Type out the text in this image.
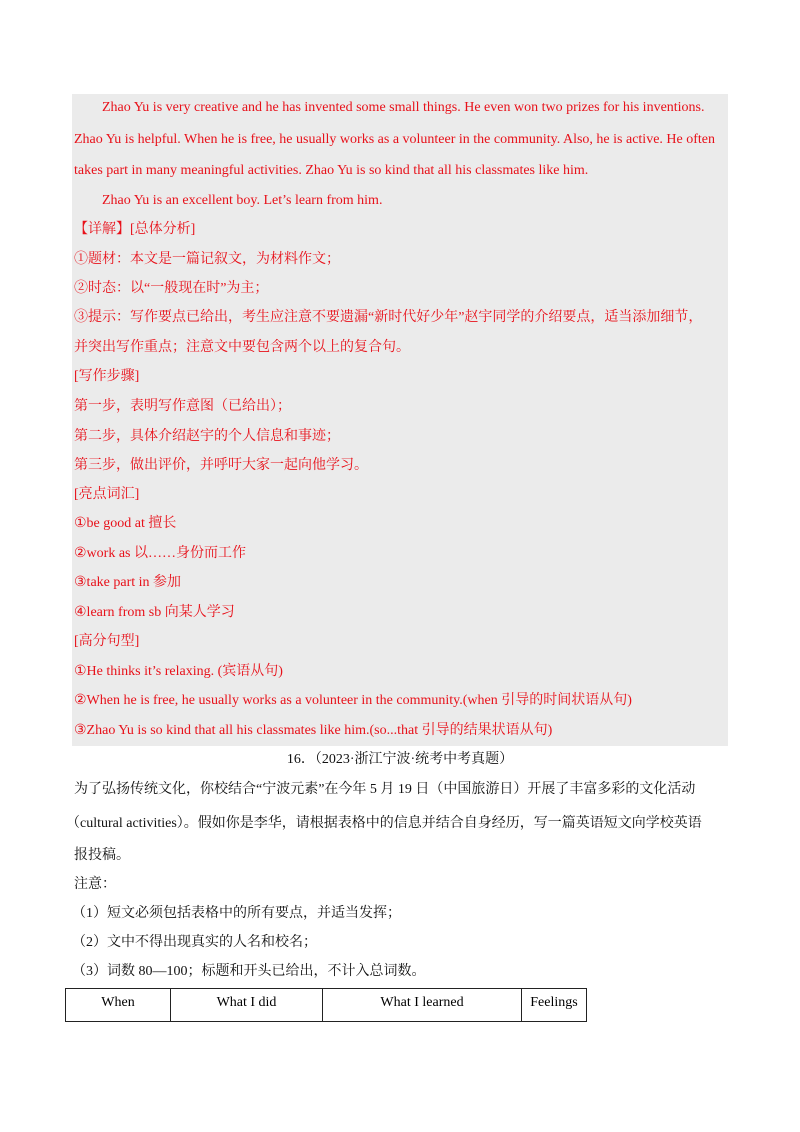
Zhao Yu is very creative and he has invented some small things. He even won two prizes for his inventions.
Zhao Yu is helpful. When he is free, he usually works as a volunteer in the community. Also, he is active. He often
takes part in many meaningful activities. Zhao Yu is so kind that all his classmates like him.
Zhao Yu is an excellent boy. Let’s learn from him.
【详解】[总体分析]
①题材：本文是一篇记叙文，为材料作文；
②时态：以“一般现在时”为主；
③提示：写作要点已给出，考生应注意不要遗漏“新时代好少年”赵宇同学的介绍要点，适当添加细节，
并突出写作重点；注意文中要包含两个以上的复合句。
[写作步骤]
第一步，表明写作意图（已给出）；
第二步，具体介绍赵宇的个人信息和事迹；
第三步，做出评价，并呼吁大家一起向他学习。
[亮点词汇]
①be good at 擅长
②work as 以……身份而工作
③take part in 参加
④learn from sb 向某人学习
[高分句型]
①He thinks it’s relaxing. (宾语从句)
②When he is free, he usually works as a volunteer in the community.(when 引导的时间状语从句)
③Zhao Yu is so kind that all his classmates like him.(so...that 引导的结果状语从句)
16．（2023·浙江宁波·统考中考真题）
为了弘扬传统文化，你校结合“宁波元素”在今年 5 月 19 日（中国旅游日）开展了丰富多彩的文化活动
（cultural activities）。假如你是李华，请根据表格中的信息并结合自身经历，写一篇英语短文向学校英语
报投稿。
注意：
（1）短文必须包括表格中的所有要点，并适当发挥；
（2）文中不得出现真实的人名和校名；
（3）词数 80—100；标题和开头已给出，不计入总词数。
When	What I did	What I learned	Feelings
